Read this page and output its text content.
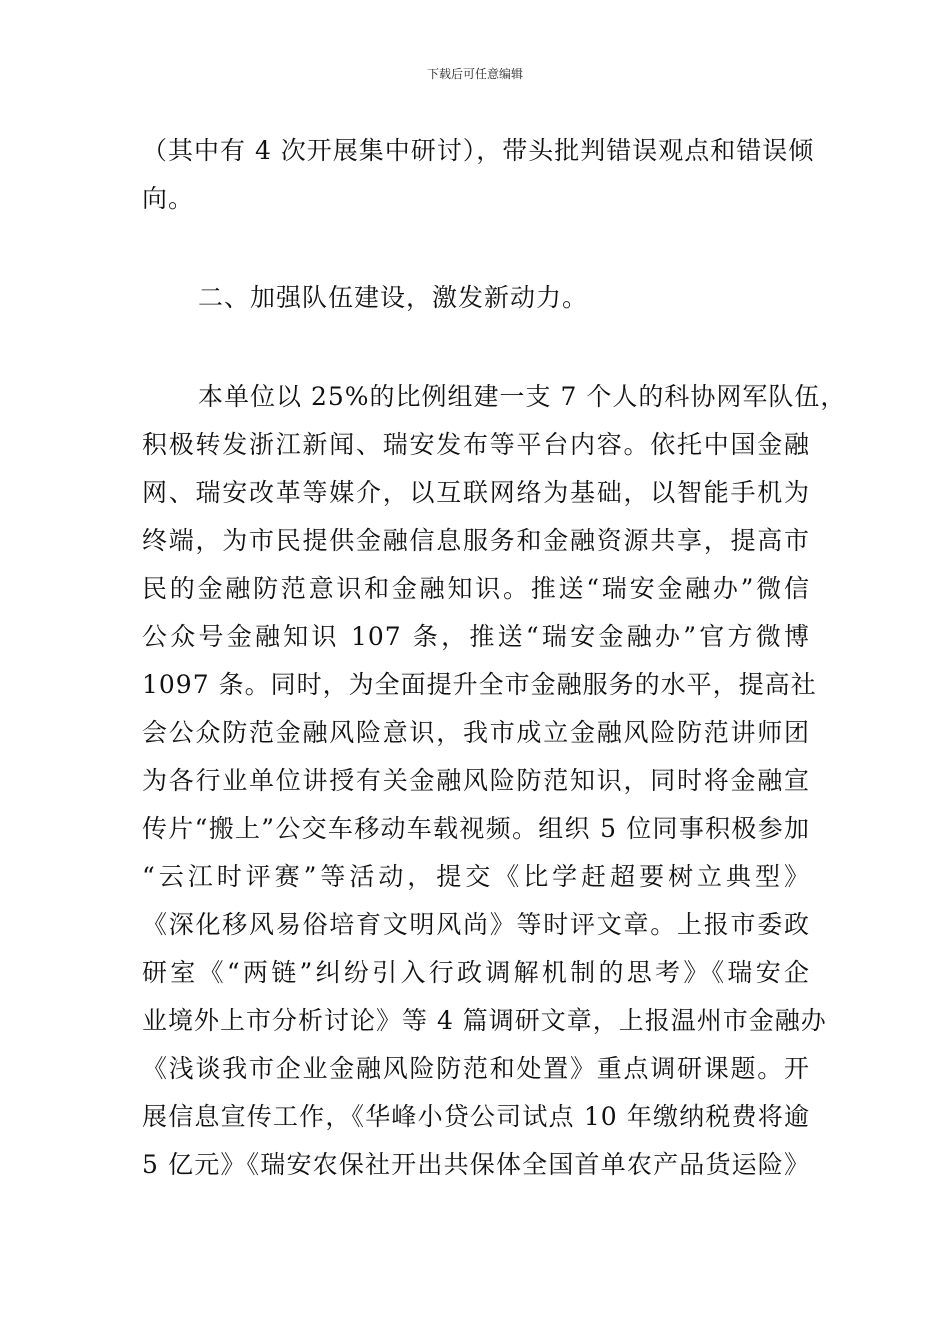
下载后可任意编辑
（其中有 4 次开展集中研讨），带头批判错误观点和错误倾
向。
二、加强队伍建设，激发新动力。
本单位以 25%的比例组建一支 7 个人的科协网军队伍，
积极转发浙江新闻、瑞安发布等平台内容。依托中国金融
网、瑞安改革等媒介，以互联网络为基础，以智能手机为
终端，为市民提供金融信息服务和金融资源共享，提高市
民的金融防范意识和金融知识。推送“瑞安金融办”微信
公众号金融知识 107 条，推送“瑞安金融办”官方微博
1097 条。同时，为全面提升全市金融服务的水平，提高社
会公众防范金融风险意识，我市成立金融风险防范讲师团
为各行业单位讲授有关金融风险防范知识，同时将金融宣
传片“搬上”公交车移动车载视频。组织 5 位同事积极参加
“云江时评赛”等活动，提交《比学赶超要树立典型》
《深化移风易俗培育文明风尚》等时评文章。上报市委政
研室《“两链”纠纷引入行政调解机制的思考》《瑞安企
业境外上市分析讨论》等 4 篇调研文章，上报温州市金融办
《浅谈我市企业金融风险防范和处置》重点调研课题。开
展信息宣传工作，《华峰小贷公司试点 10 年缴纳税费将逾
5 亿元》《瑞安农保社开出共保体全国首单农产品货运险》
